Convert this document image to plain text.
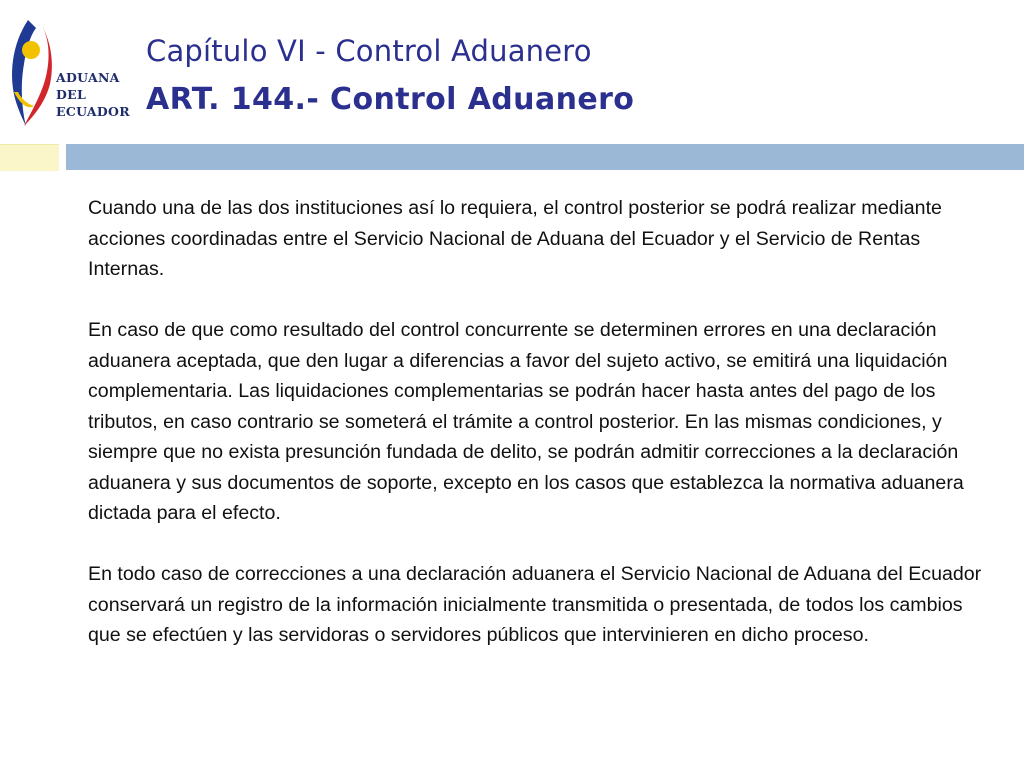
ADUANA
DEL
ECUADOR
Capítulo VI - Control Aduanero
ART. 144.- Control Aduanero

Cuando una de las dos instituciones así lo requiera, el control posterior se podrá realizar mediante acciones coordinadas entre el Servicio Nacional de Aduana del Ecuador y el Servicio de Rentas Internas.

En caso de que como resultado del control concurrente se determinen errores en una declaración aduanera aceptada, que den lugar a diferencias a favor del sujeto activo, se emitirá una liquidación complementaria. Las liquidaciones complementarias se podrán hacer hasta antes del pago de los tributos, en caso contrario se someterá el trámite a control posterior. En las mismas condiciones, y siempre que no exista presunción fundada de delito, se podrán admitir correcciones a la declaración aduanera y sus documentos de soporte, excepto en los casos que establezca la normativa aduanera dictada para el efecto.

En todo caso de correcciones a una declaración aduanera el Servicio Nacional de Aduana del Ecuador conservará un registro de la información inicialmente transmitida o presentada, de todos los cambios que se efectúen y las servidoras o servidores públicos que intervinieren en dicho proceso.
